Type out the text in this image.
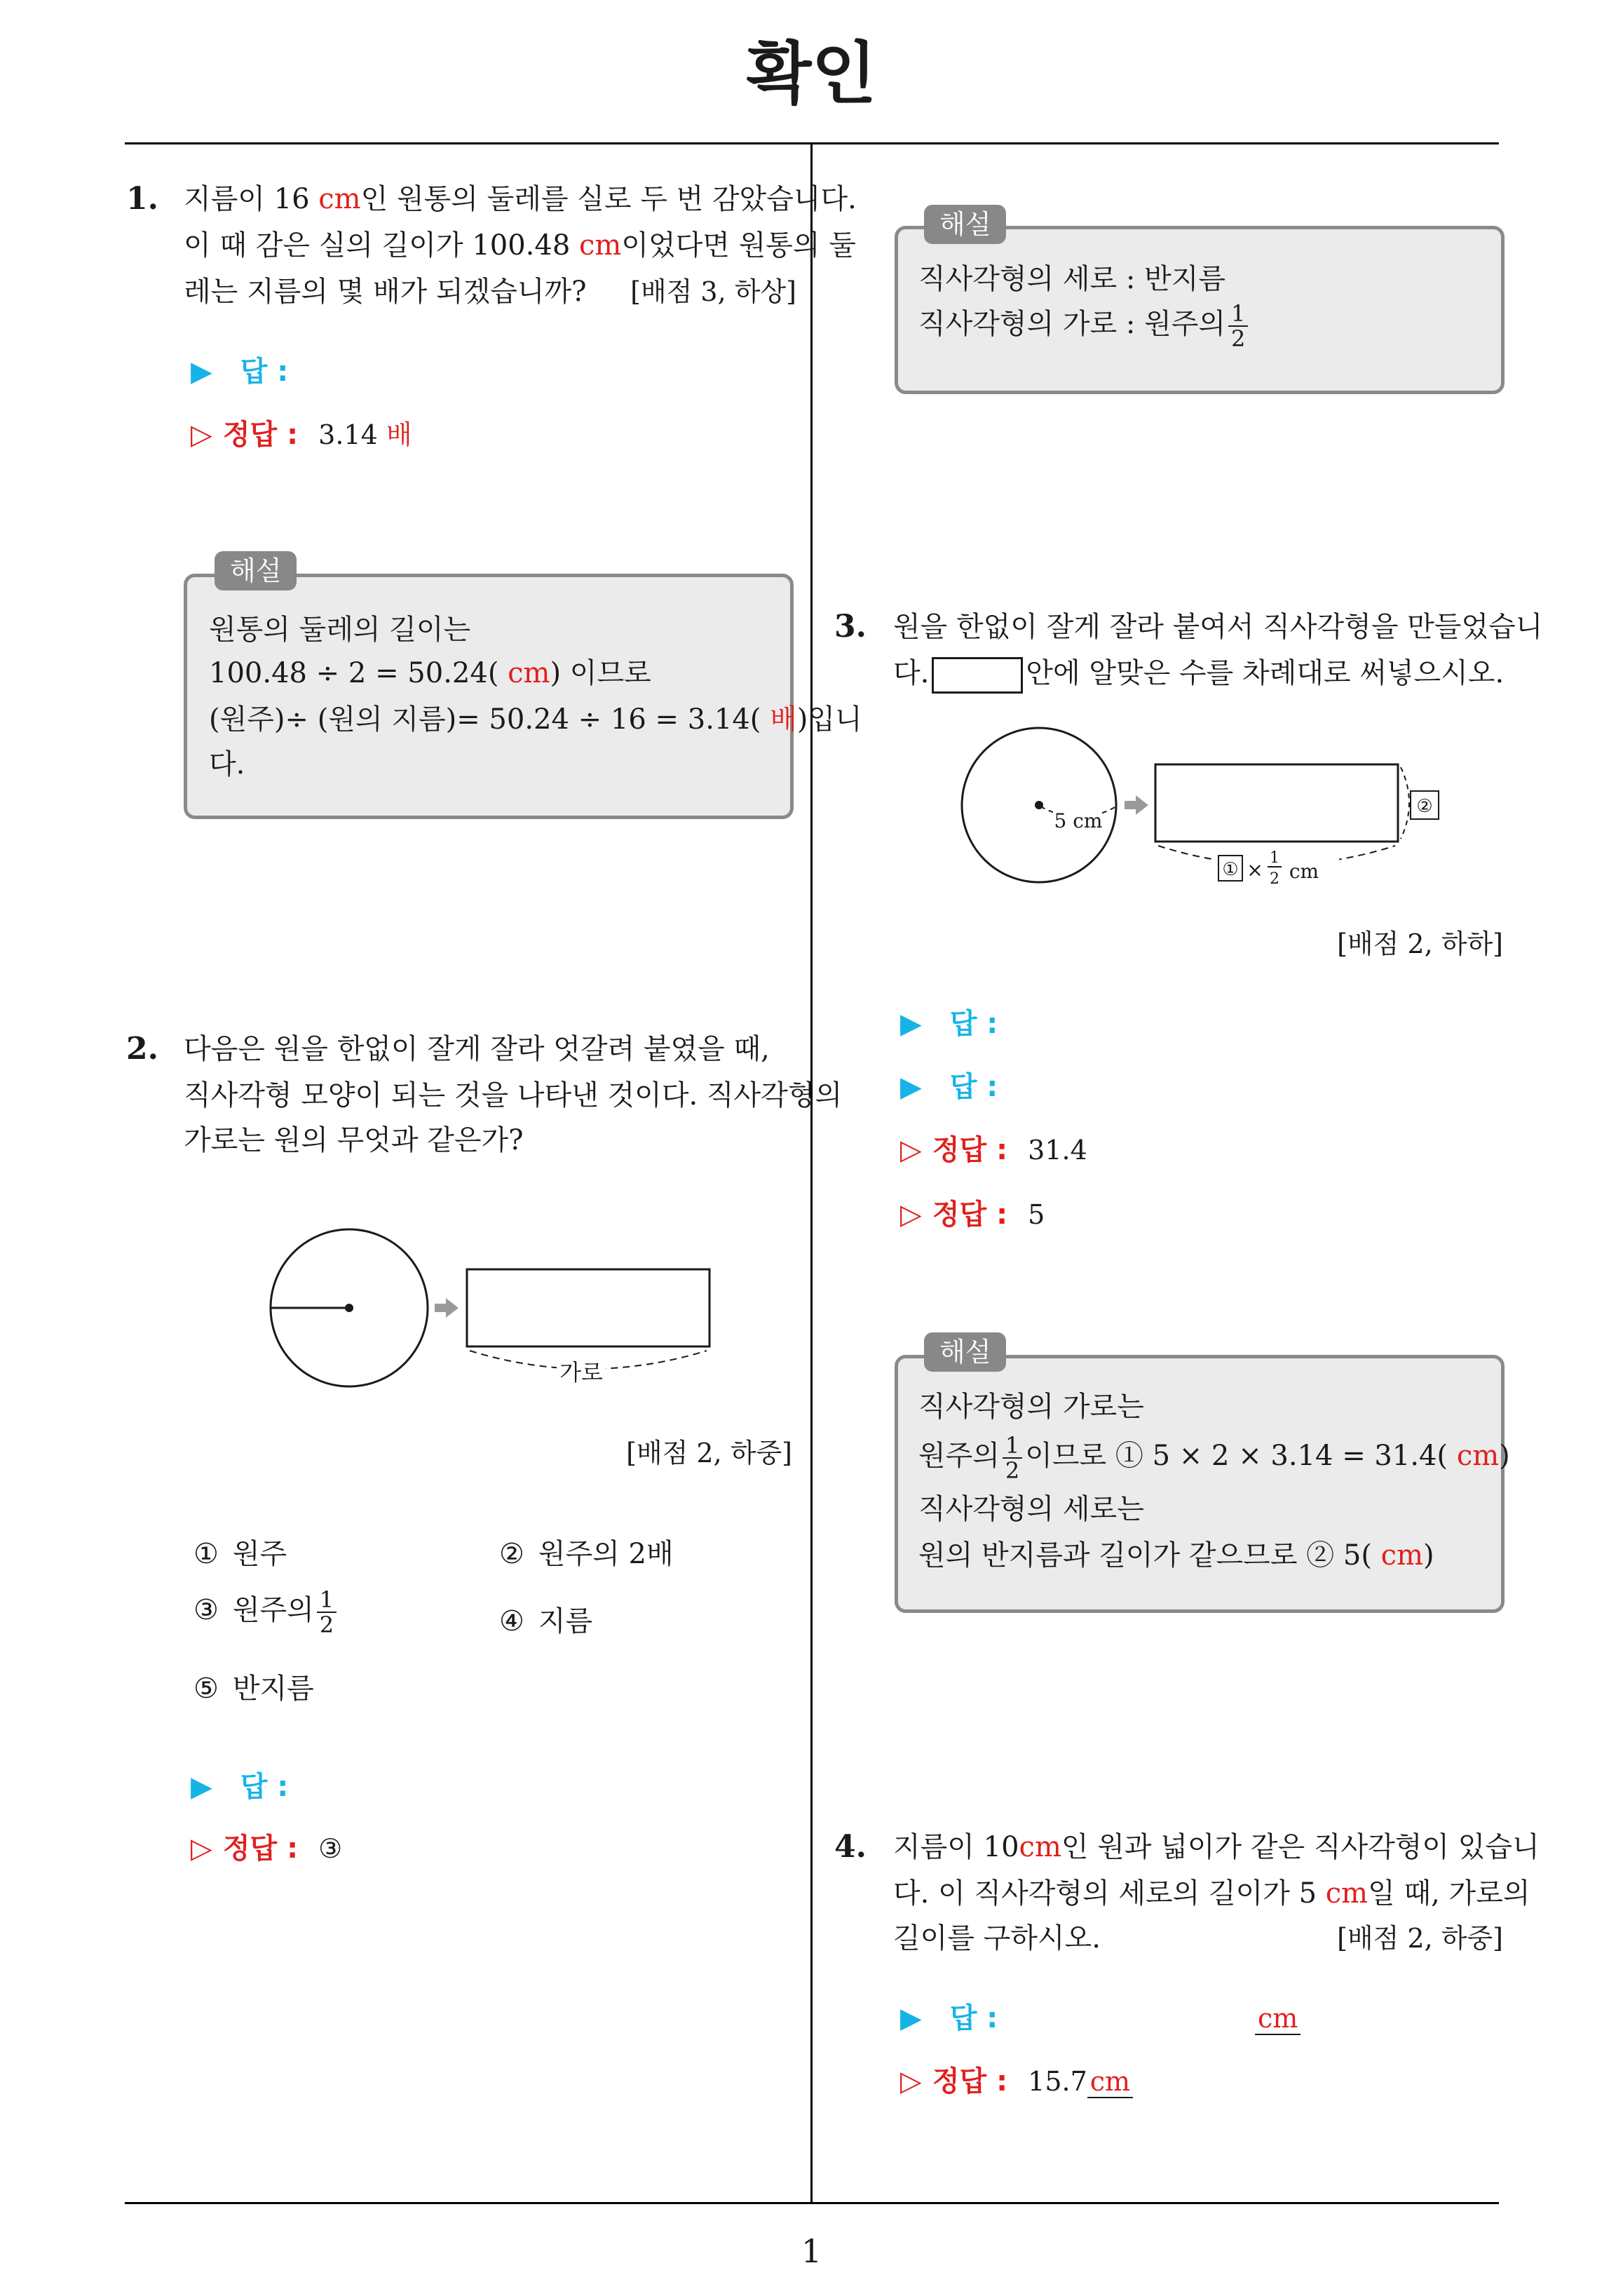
확인
1
1. 지름이 16 cm인 원통의 둘레를 실로 두 번 감았습니다.
이 때 감은 실의 길이가 100.48 cm이었다면 원통의 둘
레는 지름의 몇 배가 되겠습니까?	[배점 3, 하상]
▶ 답 :
▷ 정답 : 3.14 배
해설
원통의 둘레의 길이는
100.48 ÷ 2 = 50.24( cm) 이므로
(원주)÷ (원의 지름)= 50.24 ÷ 16 = 3.14( 배)입니
다.
2. 다음은 원을 한없이 잘게 잘라 엇갈려 붙였을 때,
직사각형 모양이 되는 것을 나타낸 것이다. 직사각형의
가로는 원의 무엇과 같은가?
가로
[배점 2, 하중]
① 원주	② 원주의 2배
③ 원주의 $\frac{1}{2}$	④ 지름
⑤ 반지름
▶ 답 :
▷ 정답 : ③
해설
직사각형의 세로 : 반지름
직사각형의 가로 : 원주의 $\frac{1}{2}$
3. 원을 한없이 잘게 잘라 붙여서 직사각형을 만들었습니
다.	안에 알맞은 수를 차례대로 써넣으시오.
5 cm
① ×
1
2 cm
②
[배점 2, 하하]
▶ 답 :
▶ 답 :
▷ 정답 : 31.4
▷ 정답 : 5
해설
직사각형의 가로는
원주의 $\frac{1}{2}$ 이므로 ① 5 × 2 × 3.14 = 31.4( cm)
직사각형의 세로는
원의 반지름과 길이가 같으므로 ② 5( cm)
4. 지름이 10cm인 원과 넓이가 같은 직사각형이 있습니
다. 이 직사각형의 세로의 길이가 5 cm일 때, 가로의
길이를 구하시오.	[배점 2, 하중]
▶ 답 :	cm
▷ 정답 : 15.7 cm
